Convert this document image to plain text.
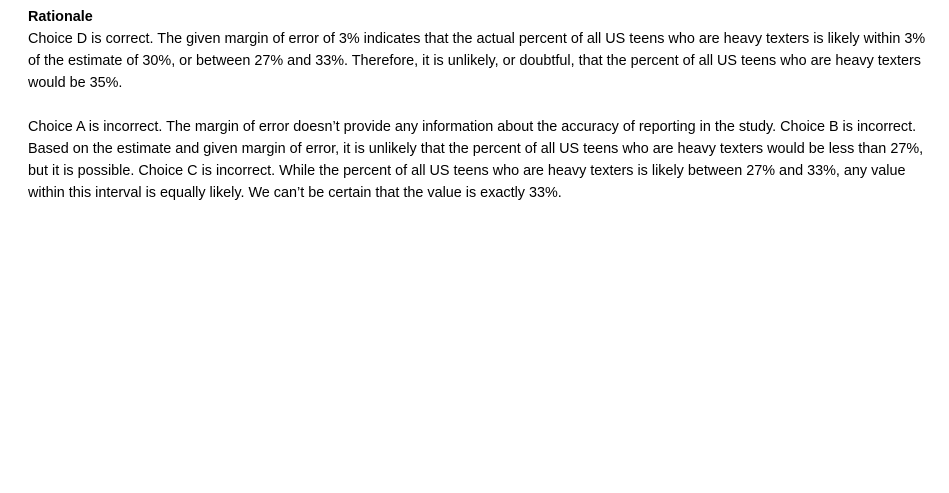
Rationale

Choice D is correct. The given margin of error of 3% indicates that the actual percent of all US teens who are heavy texters is likely within 3% of the estimate of 30%, or between 27% and 33%. Therefore, it is unlikely, or doubtful, that the percent of all US teens who are heavy texters would be 35%.

Choice A is incorrect. The margin of error doesn’t provide any information about the accuracy of reporting in the study. Choice B is incorrect. Based on the estimate and given margin of error, it is unlikely that the percent of all US teens who are heavy texters would be less than 27%, but it is possible. Choice C is incorrect. While the percent of all US teens who are heavy texters is likely between 27% and 33%, any value within this interval is equally likely. We can’t be certain that the value is exactly 33%.
